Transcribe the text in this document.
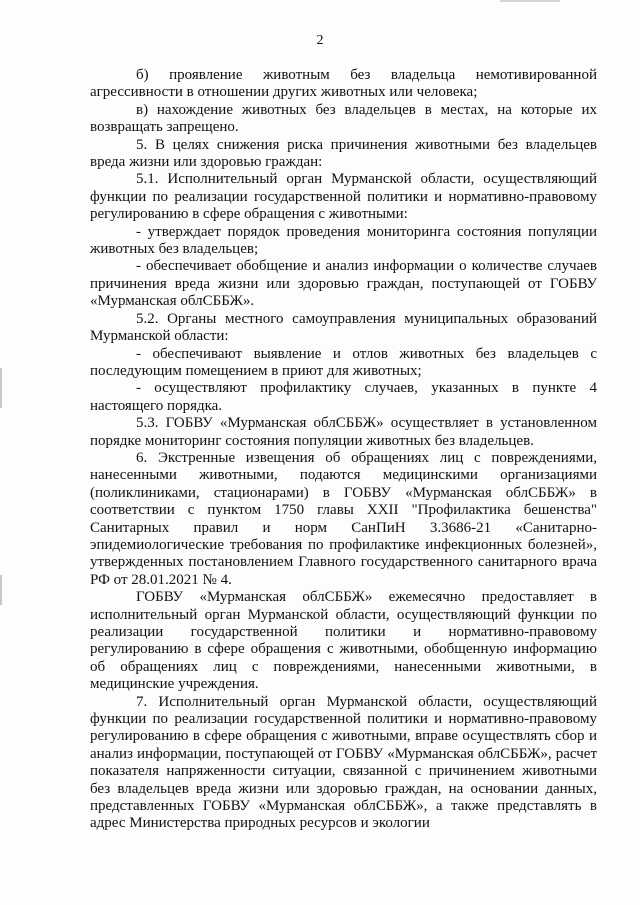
2

б) проявление животным без владельца немотивированной агрессивности в отношении других животных или человека;

в) нахождение животных без владельцев в местах, на которые их возвращать запрещено.

5. В целях снижения риска причинения животными без владельцев вреда жизни или здоровью граждан:

5.1. Исполнительный орган Мурманской области, осуществляющий функции по реализации государственной политики и нормативно-правовому регулированию в сфере обращения с животными:

- утверждает порядок проведения мониторинга состояния популяции животных без владельцев;

- обеспечивает обобщение и анализ информации о количестве случаев причинения вреда жизни или здоровью граждан, поступающей от ГОБВУ «Мурманская облСББЖ».

5.2. Органы местного самоуправления муниципальных образований Мурманской области:

- обеспечивают выявление и отлов животных без владельцев с последующим помещением в приют для животных;

- осуществляют профилактику случаев, указанных в пункте 4 настоящего порядка.

5.3. ГОБВУ «Мурманская облСББЖ» осуществляет в установленном порядке мониторинг состояния популяции животных без владельцев.

6. Экстренные извещения об обращениях лиц с повреждениями, нанесенными животными, подаются медицинскими организациями (поликлиниками, стационарами) в ГОБВУ «Мурманская облСББЖ» в соответствии с пунктом 1750 главы XXII "Профилактика бешенства" Санитарных правил и норм СанПиН 3.3686-21 «Санитарно-эпидемиологические требования по профилактике инфекционных болезней», утвержденных постановлением Главного государственного санитарного врача РФ от 28.01.2021 № 4.

ГОБВУ «Мурманская облСББЖ» ежемесячно предоставляет в исполнительный орган Мурманской области, осуществляющий функции по реализации государственной политики и нормативно-правовому регулированию в сфере обращения с животными, обобщенную информацию об обращениях лиц с повреждениями, нанесенными животными, в медицинские учреждения.

7. Исполнительный орган Мурманской области, осуществляющий функции по реализации государственной политики и нормативно-правовому регулированию в сфере обращения с животными, вправе осуществлять сбор и анализ информации, поступающей от ГОБВУ «Мурманская облСББЖ», расчет показателя напряженности ситуации, связанной с причинением животными без владельцев вреда жизни или здоровью граждан, на основании данных, представленных ГОБВУ «Мурманская облСББЖ», а также представлять в адрес Министерства природных ресурсов и экологии
